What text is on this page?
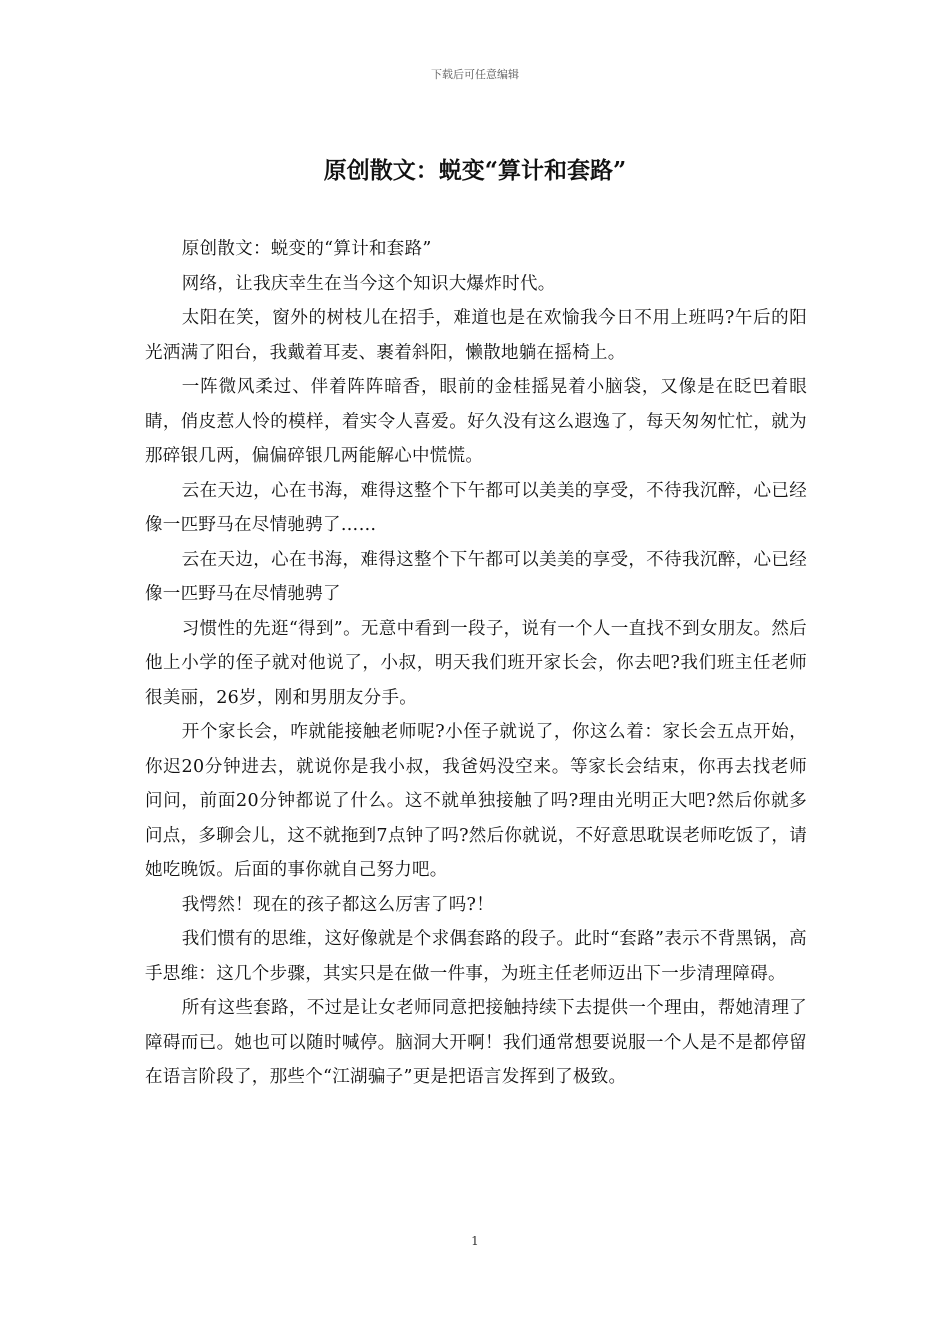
下载后可任意编辑
原创散文：蜕变“算计和套路”

原创散文：蜕变的“算计和套路”

网络，让我庆幸生在当今这个知识大爆炸时代。

太阳在笑，窗外的树枝儿在招手，难道也是在欢愉我今日不用上班吗?午后的阳光洒满了阳台，我戴着耳麦、裹着斜阳，懒散地躺在摇椅上。

一阵微风柔过、伴着阵阵暗香，眼前的金桂摇晃着小脑袋，又像是在眨巴着眼睛，俏皮惹人怜的模样，着实令人喜爱。好久没有这么遐逸了，每天匆匆忙忙，就为那碎银几两，偏偏碎银几两能解心中慌慌。

云在天边，心在书海，难得这整个下午都可以美美的享受，不待我沉醉，心已经像一匹野马在尽情驰骋了……

云在天边，心在书海，难得这整个下午都可以美美的享受，不待我沉醉，心已经像一匹野马在尽情驰骋了

习惯性的先逛“得到”。无意中看到一段子，说有一个人一直找不到女朋友。然后他上小学的侄子就对他说了，小叔，明天我们班开家长会，你去吧?我们班主任老师很美丽，26岁，刚和男朋友分手。

开个家长会，咋就能接触老师呢?小侄子就说了，你这么着：家长会五点开始，你迟20分钟进去，就说你是我小叔，我爸妈没空来。等家长会结束，你再去找老师问问，前面20分钟都说了什么。这不就单独接触了吗?理由光明正大吧?然后你就多问点，多聊会儿，这不就拖到7点钟了吗?然后你就说，不好意思耽误老师吃饭了，请她吃晚饭。后面的事你就自己努力吧。

我愕然！现在的孩子都这么厉害了吗?！

我们惯有的思维，这好像就是个求偶套路的段子。此时“套路”表示不背黑锅，高手思维：这几个步骤，其实只是在做一件事，为班主任老师迈出下一步清理障碍。

所有这些套路，不过是让女老师同意把接触持续下去提供一个理由，帮她清理了障碍而已。她也可以随时喊停。脑洞大开啊！我们通常想要说服一个人是不是都停留在语言阶段了，那些个“江湖骗子”更是把语言发挥到了极致。

1
